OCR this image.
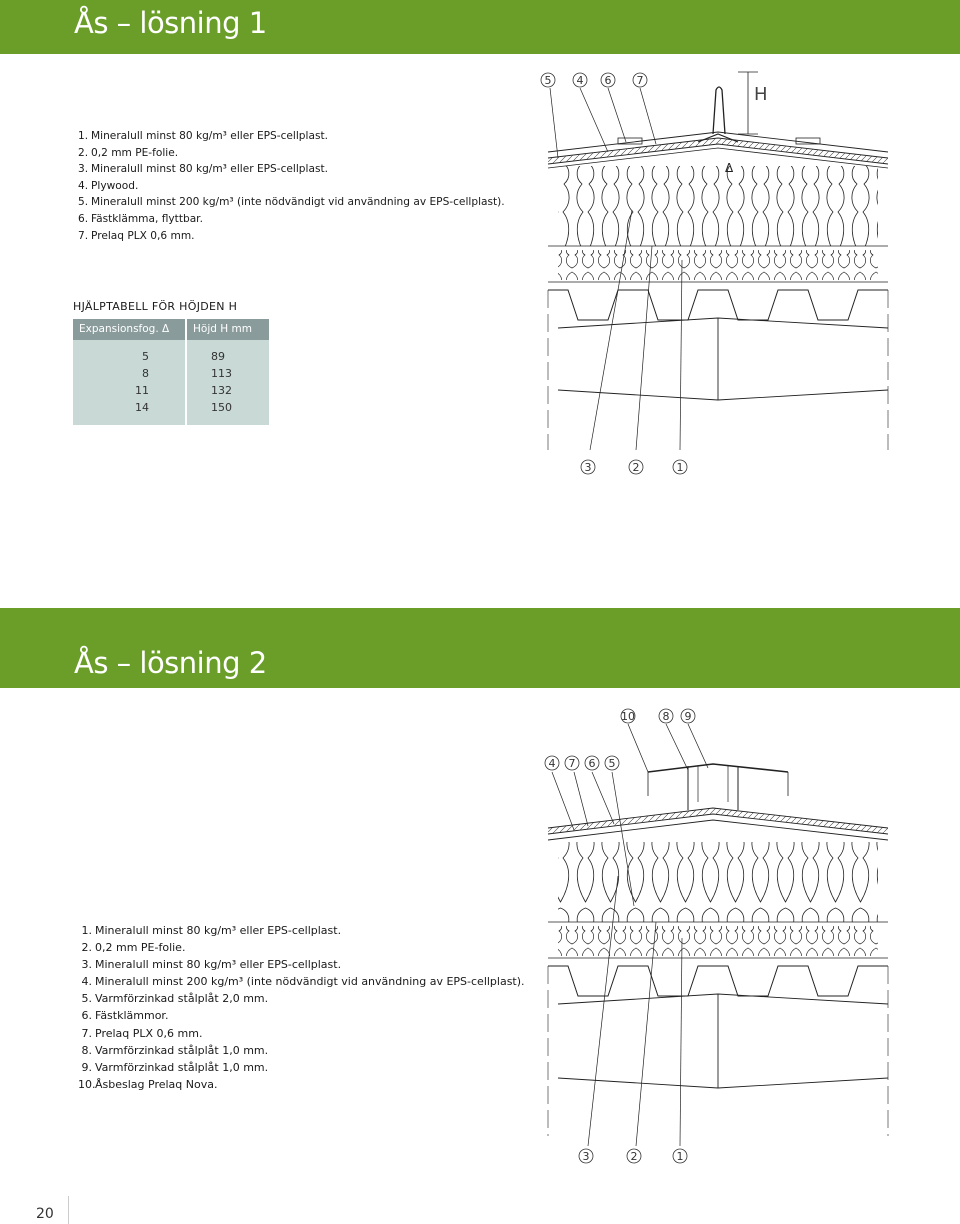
Ås – lösning 1
1. Mineralull minst 80 kg/m³ eller EPS-cellplast.
2. 0,2 mm PE-folie.
3. Mineralull minst 80 kg/m³ eller EPS-cellplast.
4. Plywood.
5. Mineralull minst 200 kg/m³ (inte nödvändigt vid användning av EPS-cellplast).
6. Fästklämma, flyttbar.
7. Prelaq PLX 0,6 mm.
HJÄLPTABELL FÖR HÖJDEN H
Expansionsfog. Δ Höjd H mm
5	89
8	113
11	132
14	150
H
Δ
5 4 6 7
3	2	1
Ås – lösning 2
10	8 9
4 7 6 5
3	2	1
1. Mineralull minst 80 kg/m³ eller EPS-cellplast.
2. 0,2 mm PE-folie.
3. Mineralull minst 80 kg/m³ eller EPS-cellplast.
4. Mineralull minst 200 kg/m³ (inte nödvändigt vid användning av EPS-cellplast).
5. Varmförzinkad stålplåt 2,0 mm.
6. Fästklämmor.
7. Prelaq PLX 0,6 mm.
8. Varmförzinkad stålplåt 1,0 mm.
9. Varmförzinkad stålplåt 1,0 mm.
10.Åsbeslag Prelaq Nova.
20
